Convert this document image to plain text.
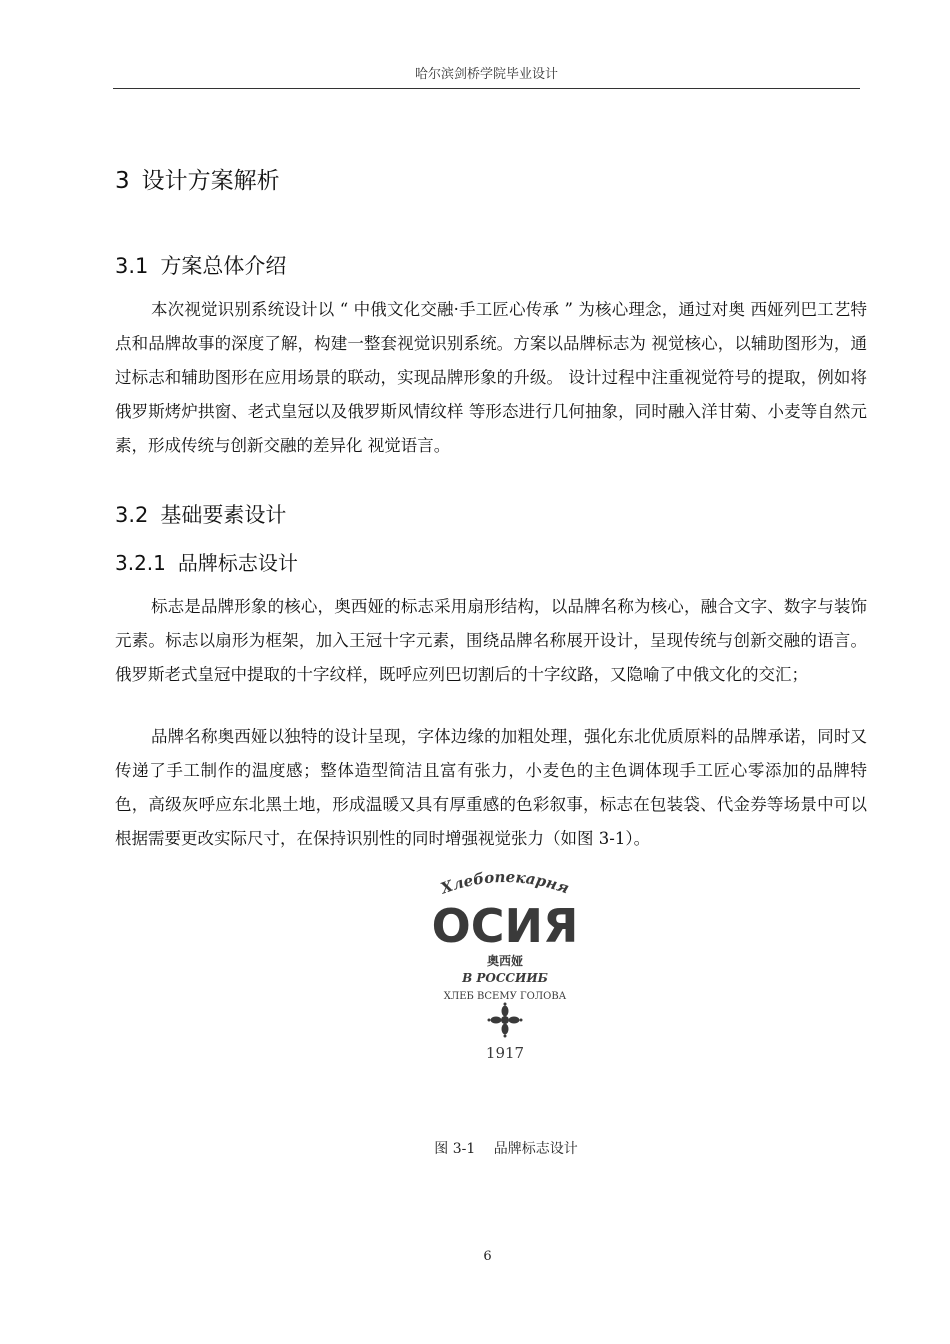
哈尔滨剑桥学院毕业设计
3 设计方案解析
3.1 方案总体介绍
本次视觉识别系统设计以 “ 中俄文化交融·手工匠心传承 ” 为核心理念，通过对奥 西娅列巴工艺特点和品牌故事的深度了解，构建一整套视觉识别系统。方案以品牌标志为 视觉核心，以辅助图形为，通过标志和辅助图形在应用场景的联动，实现品牌形象的升级。 设计过程中注重视觉符号的提取，例如将俄罗斯烤炉拱窗、老式皇冠以及俄罗斯风情纹样 等形态进行几何抽象，同时融入洋甘菊、小麦等自然元素，形成传统与创新交融的差异化 视觉语言。
3.2 基础要素设计
3.2.1 品牌标志设计
标志是品牌形象的核心，奥西娅的标志采用扇形结构，以品牌名称为核心，融合文字、数字与装饰元素。标志以扇形为框架，加入王冠十字元素，围绕品牌名称展开设计，呈现传统与创新交融的语言。俄罗斯老式皇冠中提取的十字纹样，既呼应列巴切割后的十字纹路，又隐喻了中俄文化的交汇；
品牌名称奥西娅以独特的设计呈现，字体边缘的加粗处理，强化东北优质原料的品牌承诺，同时又传递了手工制作的温度感；整体造型简洁且富有张力，小麦色的主色调体现手工匠心零添加的品牌特色，高级灰呼应东北黑土地，形成温暖又具有厚重感的色彩叙事，标志在包装袋、代金券等场景中可以根据需要更改实际尺寸，在保持识别性的同时增强视觉张力（如图 3-1）。
Хлебопекарня
ОСИЯ
奥西娅
В РОССИИБ
ХЛЕБ ВСЕМУ ГОЛОВА
1917
图 3-1　 品牌标志设计
6
